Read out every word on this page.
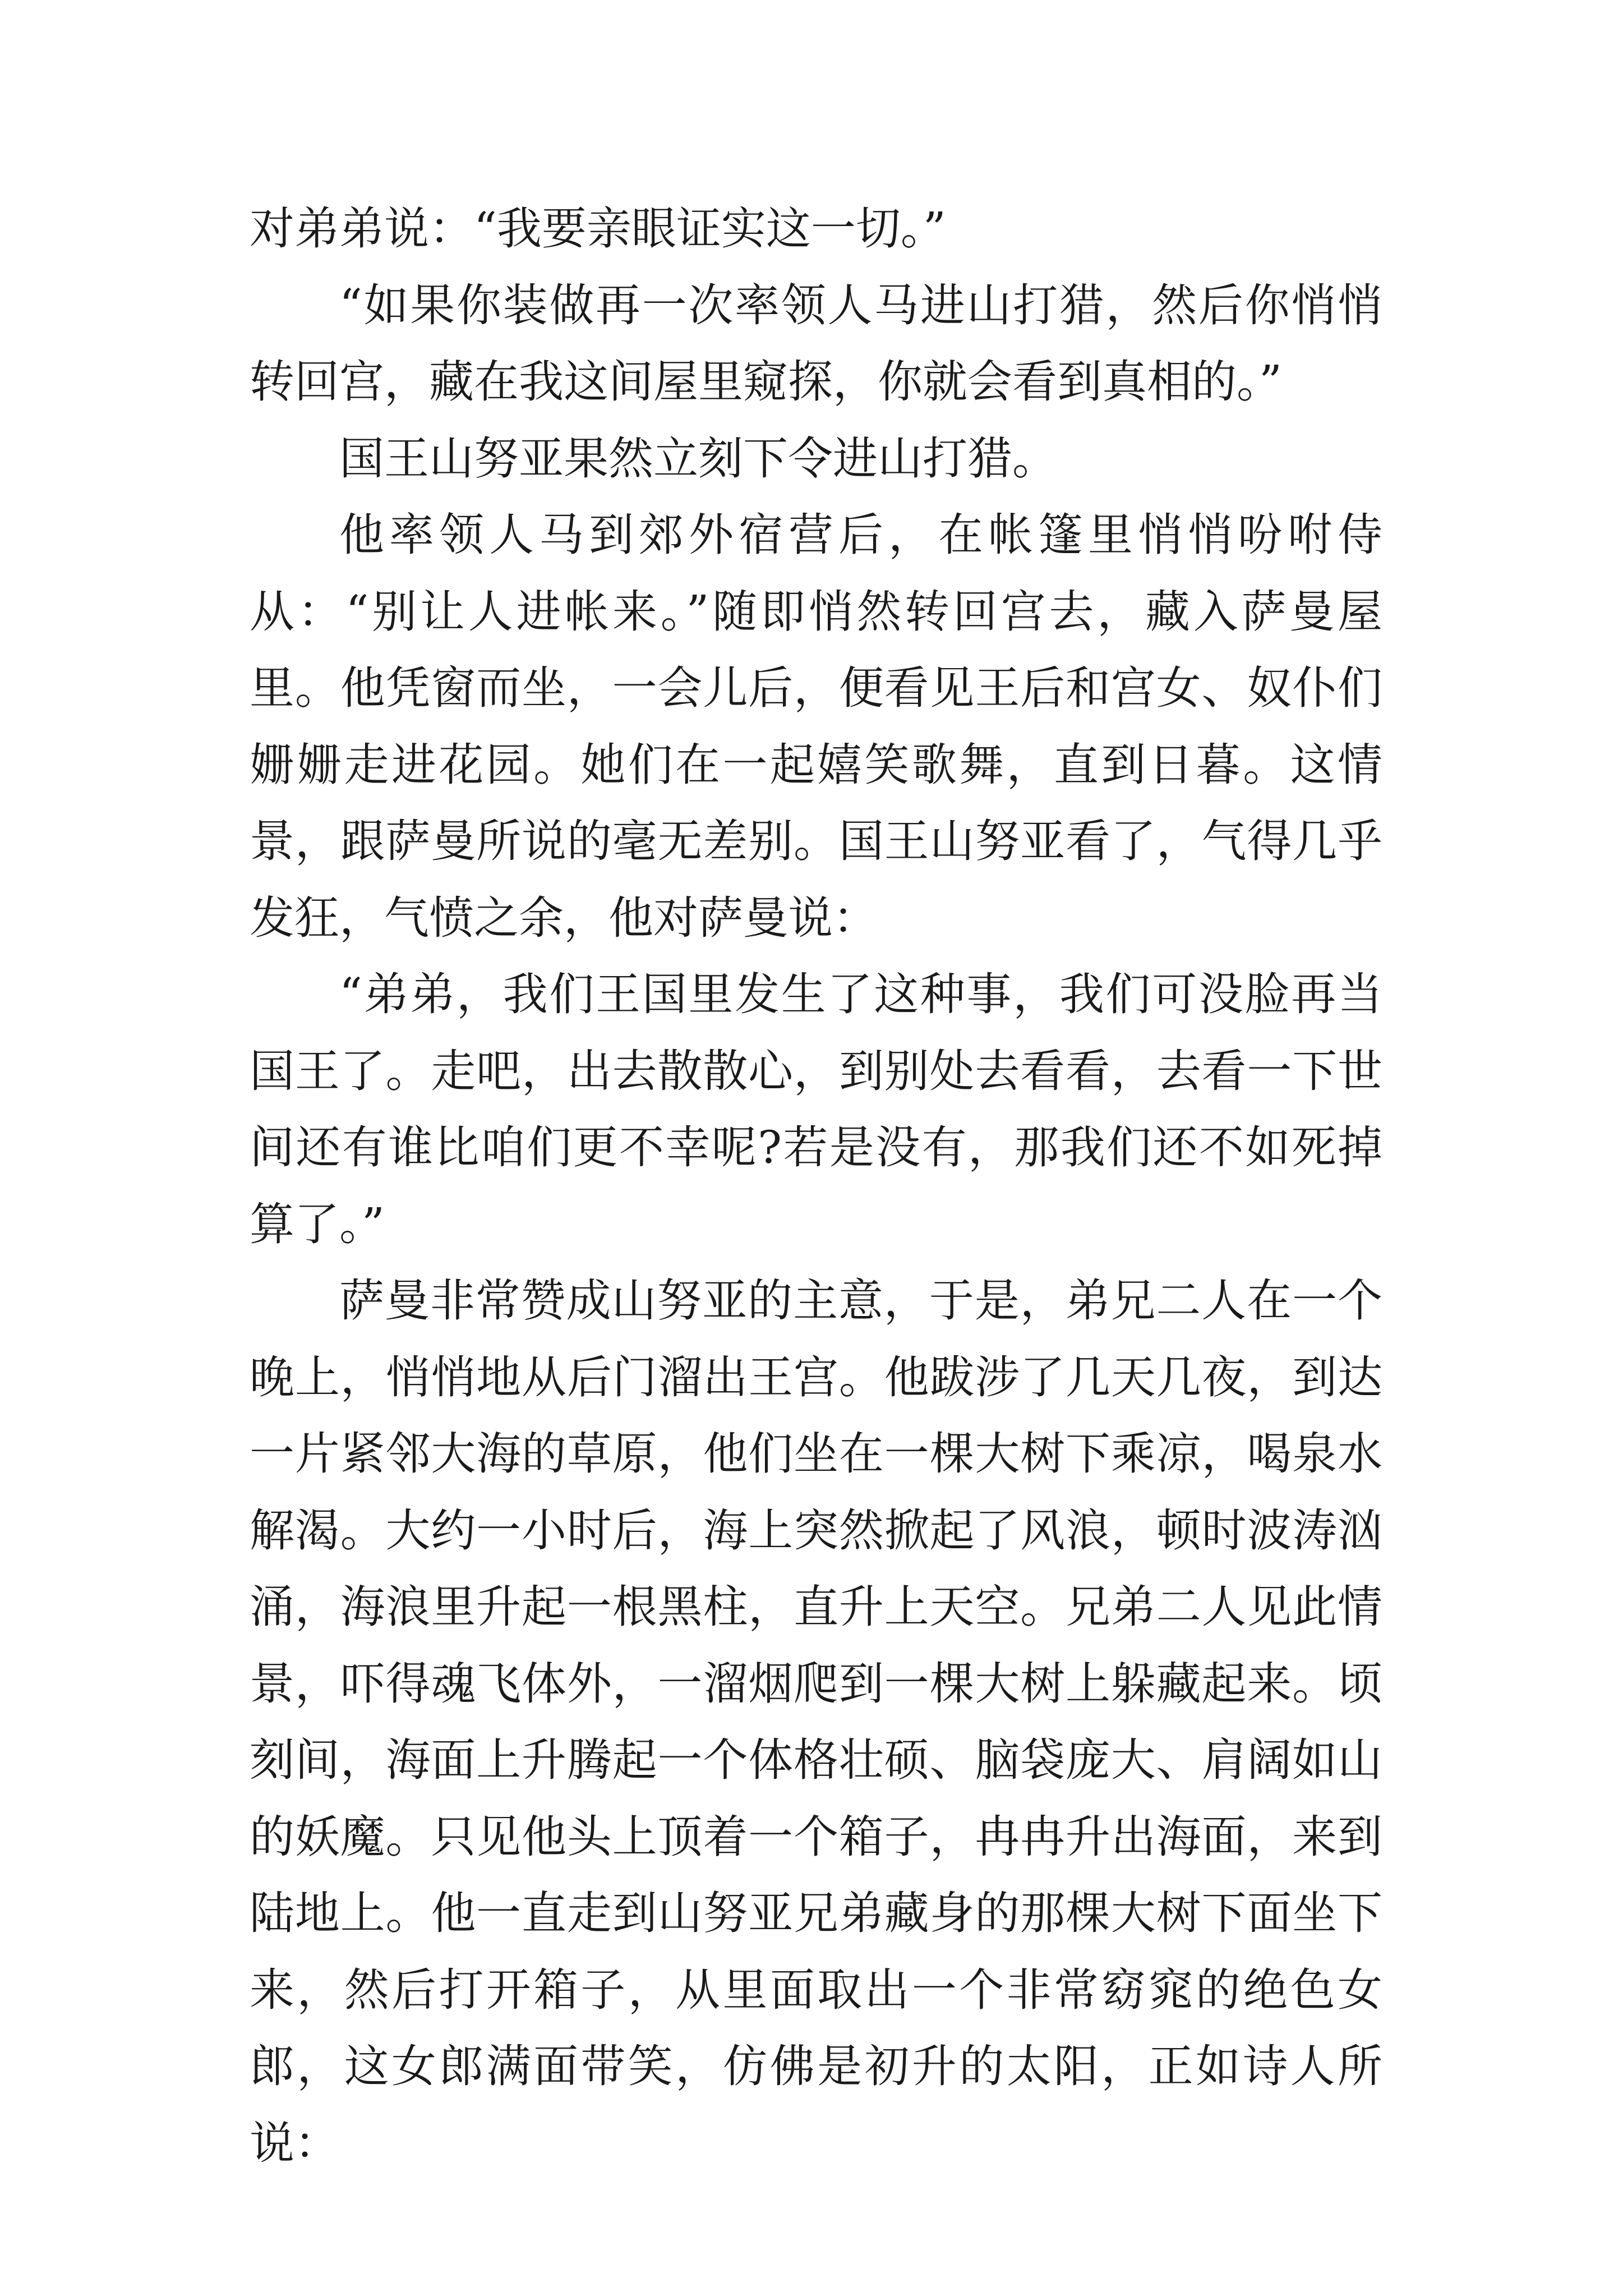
对弟弟说：“我要亲眼证实这一切。”

“如果你装做再一次率领人马进山打猎，然后你悄悄转回宫，藏在我这间屋里窥探，你就会看到真相的。”

国王山努亚果然立刻下令进山打猎。

他率领人马到郊外宿营后，在帐篷里悄悄吩咐侍从：“别让人进帐来。”随即悄然转回宫去，藏入萨曼屋里。他凭窗而坐，一会儿后，便看见王后和宫女、奴仆们姗姗走进花园。她们在一起嬉笑歌舞，直到日暮。这情景，跟萨曼所说的毫无差别。国王山努亚看了，气得几乎发狂，气愤之余，他对萨曼说：

“弟弟，我们王国里发生了这种事，我们可没脸再当国王了。走吧，出去散散心，到别处去看看，去看一下世间还有谁比咱们更不幸呢?若是没有，那我们还不如死掉算了。”

萨曼非常赞成山努亚的主意，于是，弟兄二人在一个晚上，悄悄地从后门溜出王宫。他跋涉了几天几夜，到达一片紧邻大海的草原，他们坐在一棵大树下乘凉，喝泉水解渴。大约一小时后，海上突然掀起了风浪，顿时波涛汹涌，海浪里升起一根黑柱，直升上天空。兄弟二人见此情景，吓得魂飞体外，一溜烟爬到一棵大树上躲藏起来。顷刻间，海面上升腾起一个体格壮硕、脑袋庞大、肩阔如山的妖魔。只见他头上顶着一个箱子，冉冉升出海面，来到陆地上。他一直走到山努亚兄弟藏身的那棵大树下面坐下来，然后打开箱子，从里面取出一个非常窈窕的绝色女郎，这女郎满面带笑，仿佛是初升的太阳，正如诗人所说：
